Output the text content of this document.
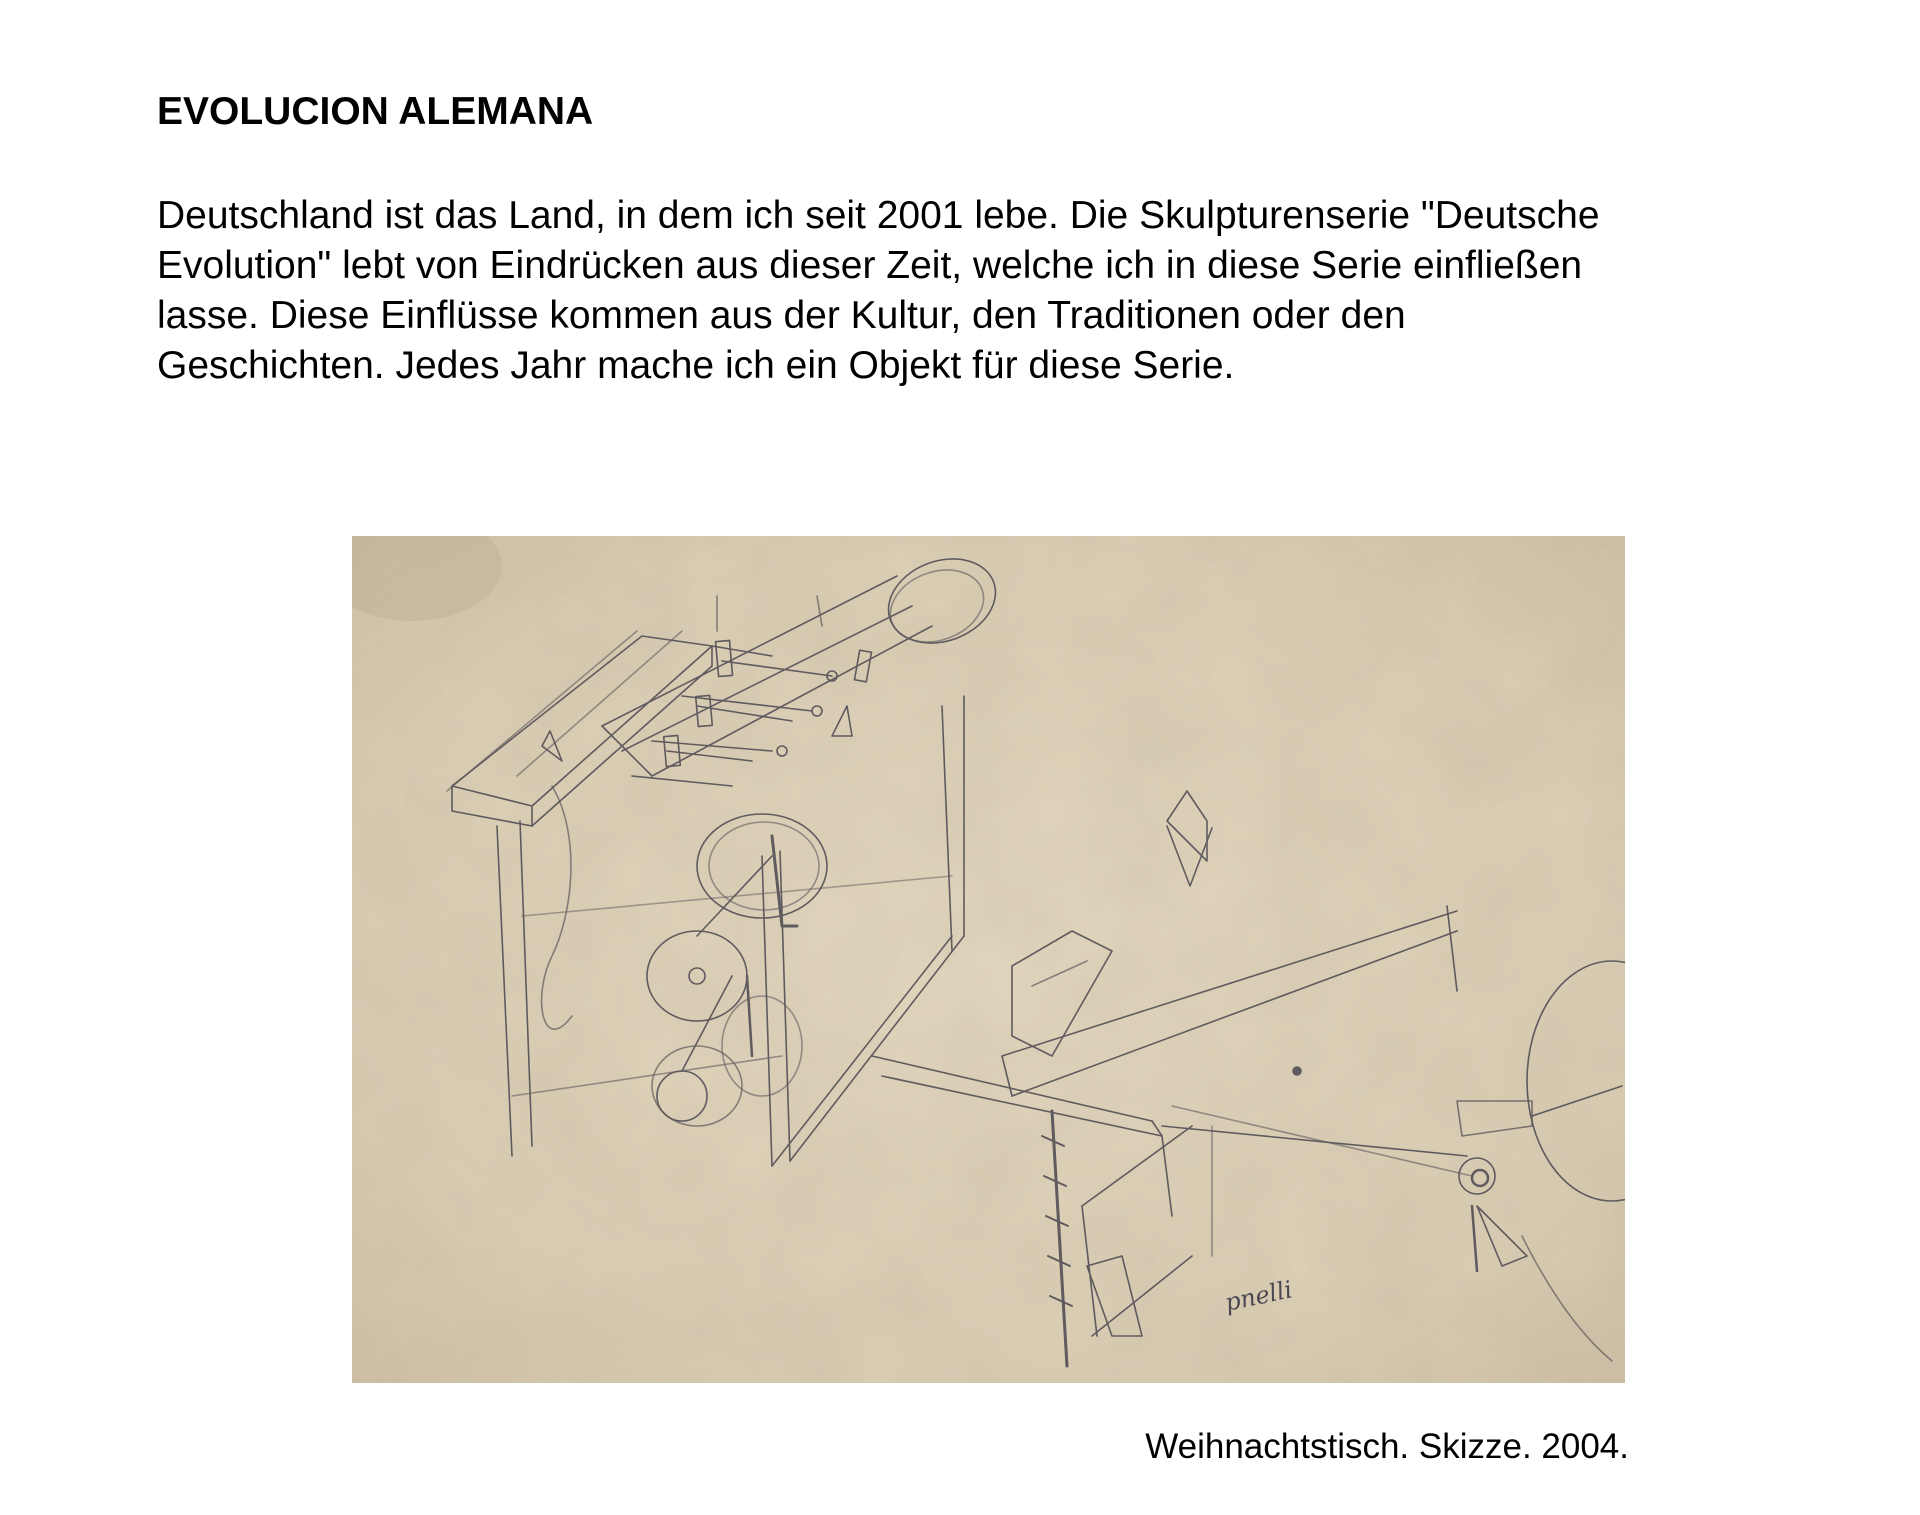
EVOLUCION ALEMANA
Deutschland ist das Land, in dem ich seit 2001 lebe. Die Skulpturenserie "Deutsche
Evolution" lebt von Eindrücken aus dieser Zeit, welche ich in diese Serie einfließen
lasse. Diese Einflüsse kommen aus der Kultur, den Traditionen oder den
Geschichten. Jedes Jahr mache ich ein Objekt für diese Serie.
pnelli
Weihnachtstisch. Skizze. 2004.
